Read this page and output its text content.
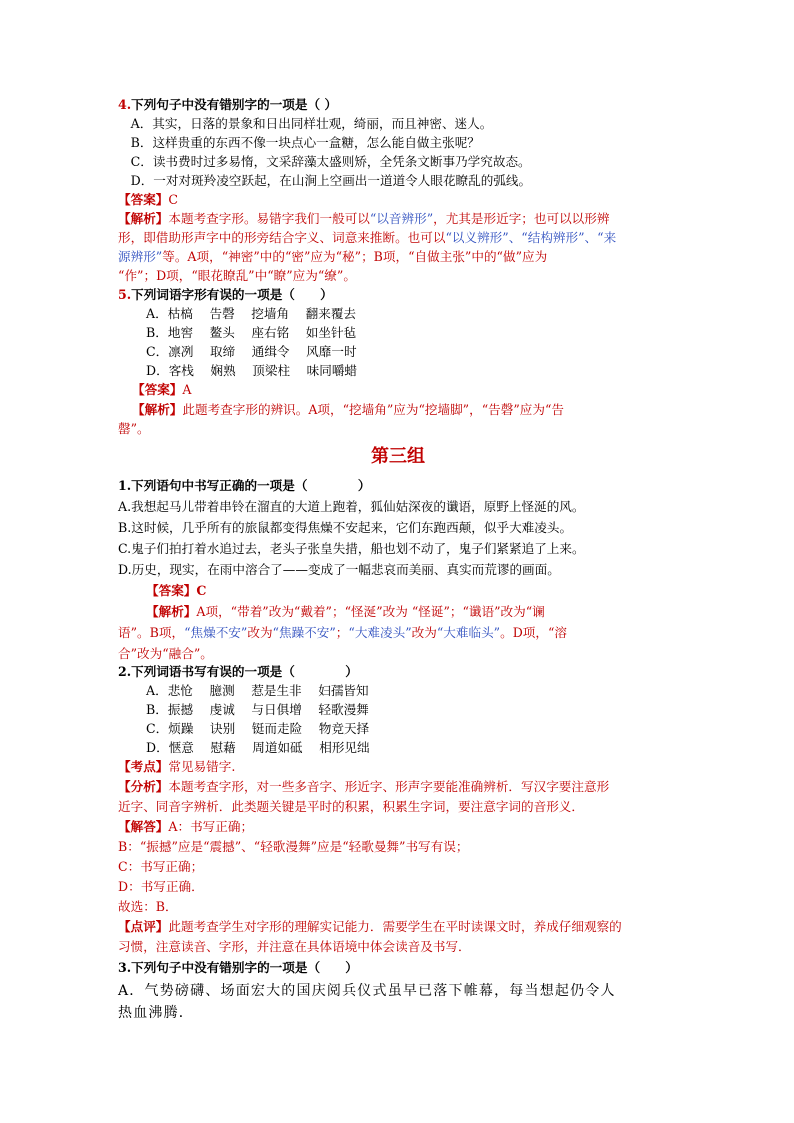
4.下列句子中没有错别字的一项是（ ）
　A．其实，日落的景象和日出同样壮观，绮丽，而且神密、迷人。
　B．这样贵重的东西不像一块点心一盒糖，怎么能自做主张呢？
　C．读书费时过多易惰，文采辞藻太盛则矫，全凭条文断事乃学究故态。
　D．一对对斑羚凌空跃起，在山涧上空画出一道道令人眼花瞭乱的弧线。
【答案】C
【解析】本题考查字形。易错字我们一般可以“以音辨形”，尤其是形近字；也可以以形辨
形，即借助形声字中的形旁结合字义、词意来推断。也可以“以义辨形”、“结构辨形”、“来
源辨形”等。A项，“神密”中的“密”应为“秘”；B项，“自做主张”中的“做”应为
“作”；D项，“眼花瞭乱”中“瞭”应为“缭”。
5.下列词语字形有误的一项是（　　）
A．枯槁　 告磬　 挖墙角　 翻来覆去
B．地窖　 鳌头　 座右铭　 如坐针毡
C．凛冽　 取缔　 通缉令　 风靡一时
D．客栈　 娴熟　 顶梁柱　 味同嚼蜡
【答案】A
【解析】此题考查字形的辨识。A项，“挖墙角”应为“挖墙脚”，“告磬”应为“告
罄”。
第三组
1.下列语句中书写正确的一项是（　　　　）
A.我想起马儿带着串铃在溜直的大道上跑着，狐仙姑深夜的谶语，原野上怪涎的风。
B.这时候，几乎所有的旅鼠都变得焦燥不安起来，它们东跑西颠，似乎大难凌头。
C.鬼子们拍打着水追过去，老头子张皇失措，船也划不动了，鬼子们紧紧追了上来。
D.历史，现实，在雨中溶合了——变成了一幅悲哀而美丽、真实而荒谬的画面。
【答案】C
【解析】A项，“带着”改为“戴着”；“怪涎”改为 “怪诞”；“谶语”改为“谰
语”。B项，“焦燥不安”改为“焦躁不安”；“大难凌头”改为“大难临头”。D项，“溶
合”改为“融合”。
2.下列词语书写有误的一项是（　　　　）
A．悲怆　 臆测　 惹是生非　 妇孺皆知
B．振撼　 虔诚　 与日俱增　 轻歌漫舞
C．烦躁　 诀别　 铤而走险　 物竞天择
D．惬意　 慰藉　 周道如砥　 相形见绌
【考点】常见易错字.
【分析】本题考查字形，对一些多音字、形近字、形声字要能准确辨析．写汉字要注意形
近字、同音字辨析．此类题关键是平时的积累，积累生字词，要注意字词的音形义．
【解答】A：书写正确；
B：“振撼”应是“震撼”、“轻歌漫舞”应是“轻歌曼舞”书写有误；
C：书写正确；
D：书写正确．
故选：B．
【点评】此题考查学生对字形的理解实记能力．需要学生在平时读课文时，养成仔细观察的
习惯，注意读音、字形，并注意在具体语境中体会读音及书写．
3.下列句子中没有错别字的一项是（　　）
A．气势磅礴、场面宏大的国庆阅兵仪式虽早已落下帷幕，每当想起仍令人
热血沸腾．
